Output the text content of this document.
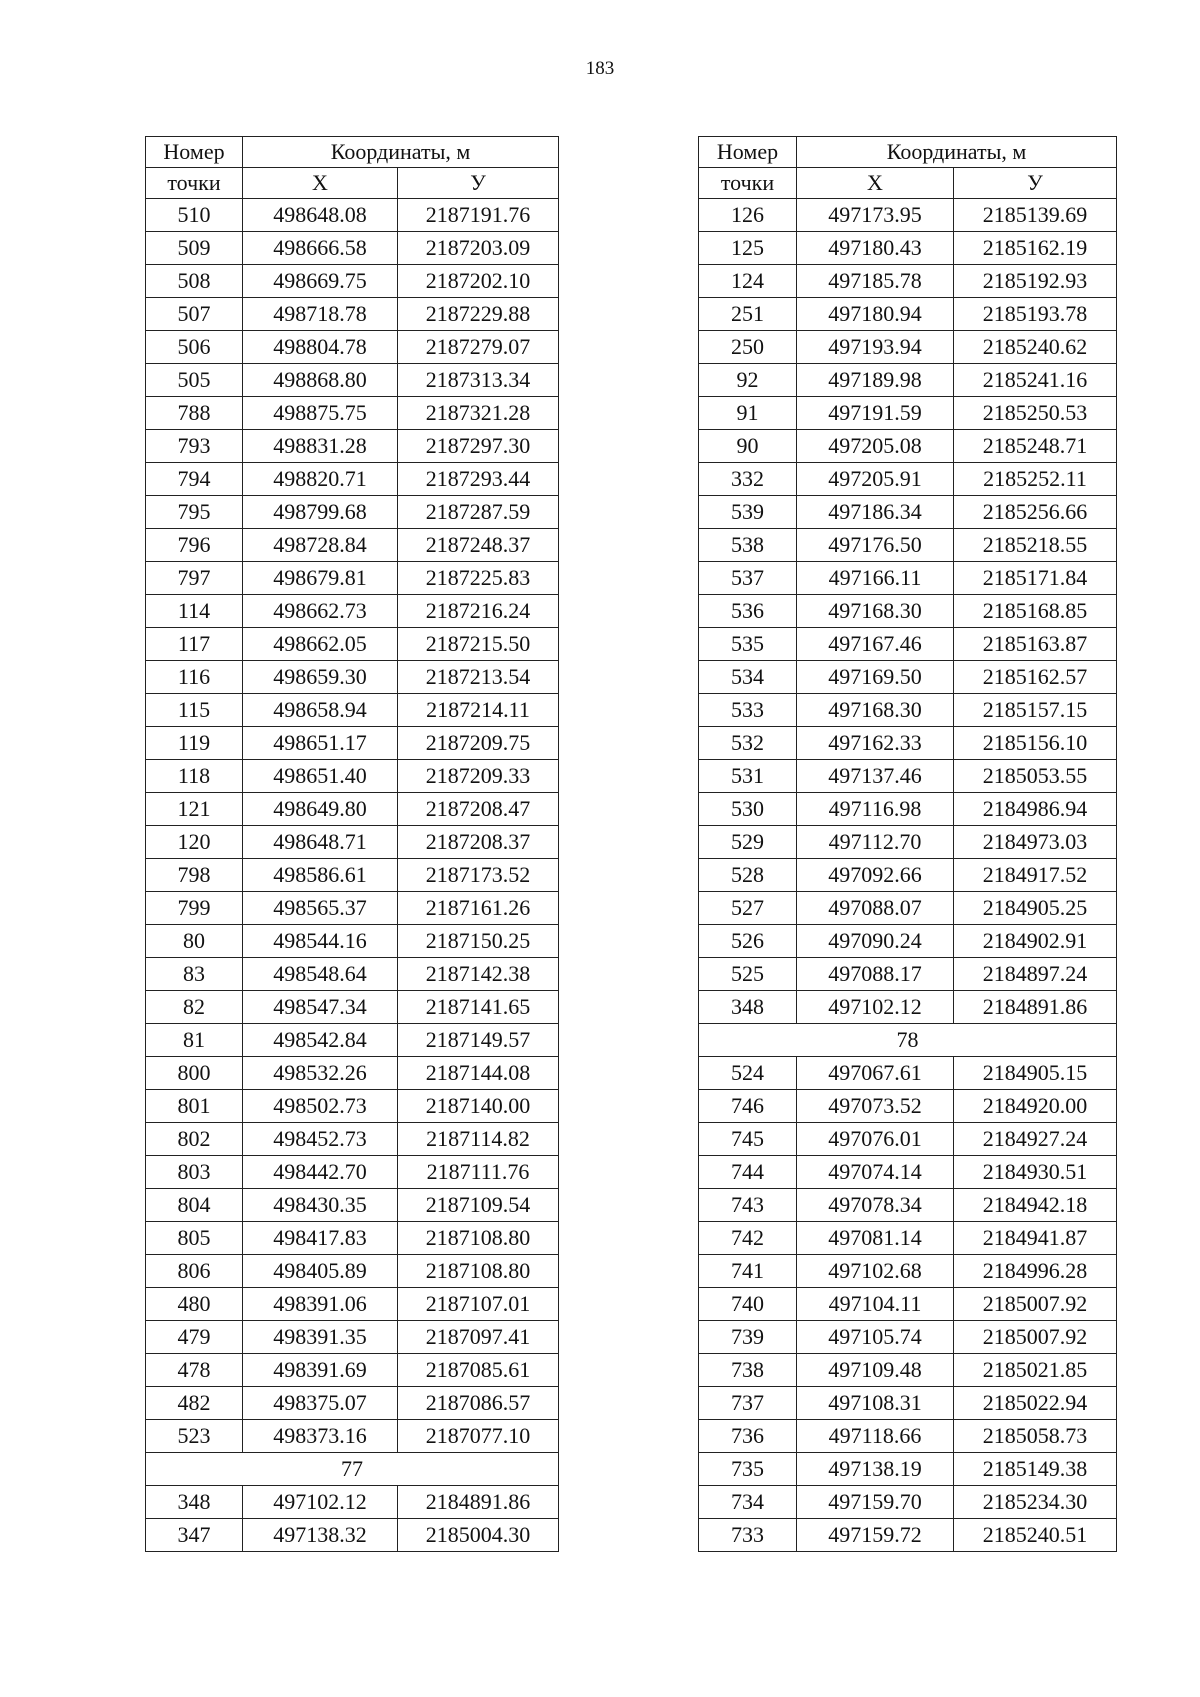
183
Номер	Координаты, м	
точки	Х	У
510	498648.08	2187191.76
509	498666.58	2187203.09
508	498669.75	2187202.10
507	498718.78	2187229.88
506	498804.78	2187279.07
505	498868.80	2187313.34
788	498875.75	2187321.28
793	498831.28	2187297.30
794	498820.71	2187293.44
795	498799.68	2187287.59
796	498728.84	2187248.37
797	498679.81	2187225.83
114	498662.73	2187216.24
117	498662.05	2187215.50
116	498659.30	2187213.54
115	498658.94	2187214.11
119	498651.17	2187209.75
118	498651.40	2187209.33
121	498649.80	2187208.47
120	498648.71	2187208.37
798	498586.61	2187173.52
799	498565.37	2187161.26
80	498544.16	2187150.25
83	498548.64	2187142.38
82	498547.34	2187141.65
81	498542.84	2187149.57
800	498532.26	2187144.08
801	498502.73	2187140.00
802	498452.73	2187114.82
803	498442.70	2187111.76
804	498430.35	2187109.54
805	498417.83	2187108.80
806	498405.89	2187108.80
480	498391.06	2187107.01
479	498391.35	2187097.41
478	498391.69	2187085.61
482	498375.07	2187086.57
523	498373.16	2187077.10
77		
348	497102.12	2184891.86
347	497138.32	2185004.30
Номер	Координаты, м	
точки	Х	У
126	497173.95	2185139.69
125	497180.43	2185162.19
124	497185.78	2185192.93
251	497180.94	2185193.78
250	497193.94	2185240.62
92	497189.98	2185241.16
91	497191.59	2185250.53
90	497205.08	2185248.71
332	497205.91	2185252.11
539	497186.34	2185256.66
538	497176.50	2185218.55
537	497166.11	2185171.84
536	497168.30	2185168.85
535	497167.46	2185163.87
534	497169.50	2185162.57
533	497168.30	2185157.15
532	497162.33	2185156.10
531	497137.46	2185053.55
530	497116.98	2184986.94
529	497112.70	2184973.03
528	497092.66	2184917.52
527	497088.07	2184905.25
526	497090.24	2184902.91
525	497088.17	2184897.24
348	497102.12	2184891.86
78		
524	497067.61	2184905.15
746	497073.52	2184920.00
745	497076.01	2184927.24
744	497074.14	2184930.51
743	497078.34	2184942.18
742	497081.14	2184941.87
741	497102.68	2184996.28
740	497104.11	2185007.92
739	497105.74	2185007.92
738	497109.48	2185021.85
737	497108.31	2185022.94
736	497118.66	2185058.73
735	497138.19	2185149.38
734	497159.70	2185234.30
733	497159.72	2185240.51
